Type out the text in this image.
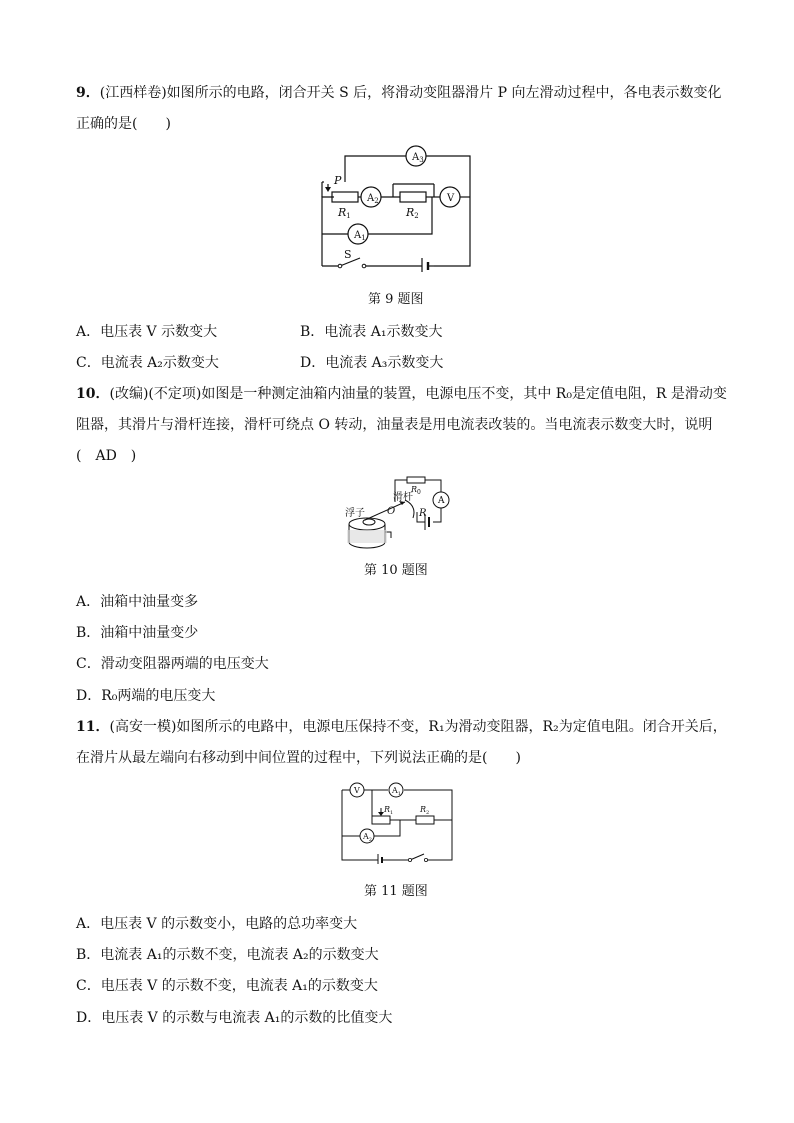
9．(江西样卷)如图所示的电路，闭合开关 S 后，将滑动变阻器滑片 P 向左滑动过程中，各电表示数变化
正确的是(　　)
$A_3$
$A_2$	V
$A_1$
P
R1	R2
S
第 9 题图
A．电压表 V 示数变大	B．电流表 A₁示数变大
C．电流表 A₂示数变大	D．电流表 A₃示数变大
10．(改编)(不定项)如图是一种测定油箱内油量的装置，电源电压不变，其中 R₀是定值电阻，R 是滑动变
阻器，其滑片与滑杆连接，滑杆可绕点 O 转动，油量表是用电流表改装的。当电流表示数变大时，说明
(　AD　)
浮子 O
滑杆
R
$R_0$
A
第 10 题图
A．油箱中油量变多
B．油箱中油量变少
C．滑动变阻器两端的电压变大
D．R₀两端的电压变大
11．(高安一模)如图所示的电路中，电源电压保持不变，R₁为滑动变阻器，R₂为定值电阻。闭合开关后，
在滑片从最左端向右移动到中间位置的过程中，下列说法正确的是(　　)
V	$A_1$
$A_2$
$R_1$	$R_2$
第 11 题图
A．电压表 V 的示数变小，电路的总功率变大
B．电流表 A₁的示数不变，电流表 A₂的示数变大
C．电压表 V 的示数不变，电流表 A₁的示数变大
D．电压表 V 的示数与电流表 A₁的示数的比值变大
